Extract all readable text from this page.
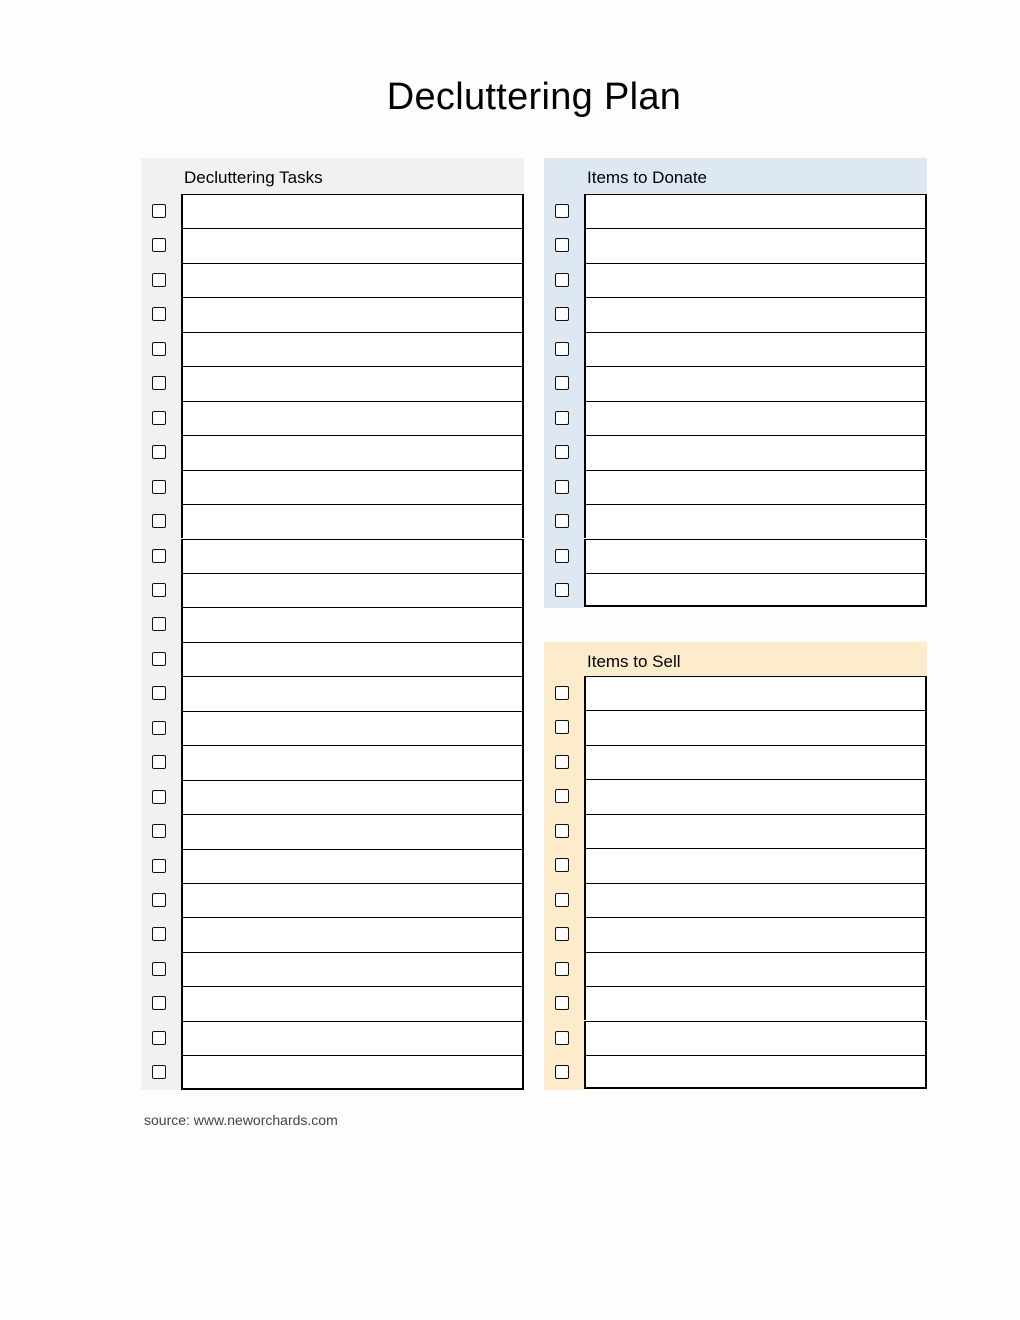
Decluttering Plan
Decluttering Tasks	Items to Donate
Items to Sell
source: www.neworchards.com
